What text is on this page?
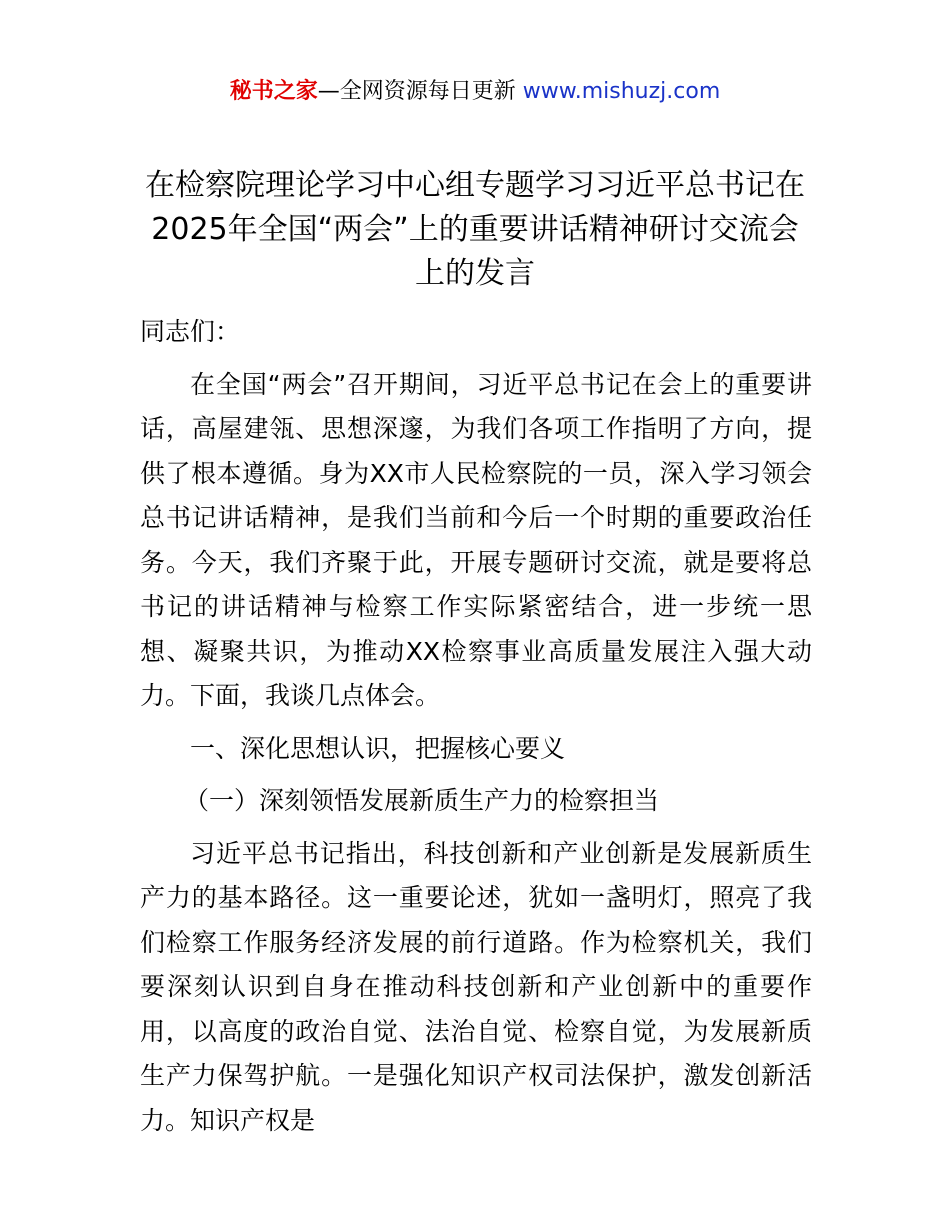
秘书之家—全网资源每日更新 www.mishuzj.com
在检察院理论学习中心组专题学习习近平总书记在2025年全国“两会”上的重要讲话精神研讨交流会上的发言

同志们：

在全国“两会”召开期间，习近平总书记在会上的重要讲话，高屋建瓴、思想深邃，为我们各项工作指明了方向，提供了根本遵循。身为XX市人民检察院的一员，深入学习领会总书记讲话精神，是我们当前和今后一个时期的重要政治任务。今天，我们齐聚于此，开展专题研讨交流，就是要将总书记的讲话精神与检察工作实际紧密结合，进一步统一思想、凝聚共识，为推动XX检察事业高质量发展注入强大动力。下面，我谈几点体会。

一、深化思想认识，把握核心要义

（一）深刻领悟发展新质生产力的检察担当

习近平总书记指出，科技创新和产业创新是发展新质生产力的基本路径。这一重要论述，犹如一盏明灯，照亮了我们检察工作服务经济发展的前行道路。作为检察机关，我们要深刻认识到自身在推动科技创新和产业创新中的重要作用，以高度的政治自觉、法治自觉、检察自觉，为发展新质生产力保驾护航。一是强化知识产权司法保护，激发创新活力。知识产权是
